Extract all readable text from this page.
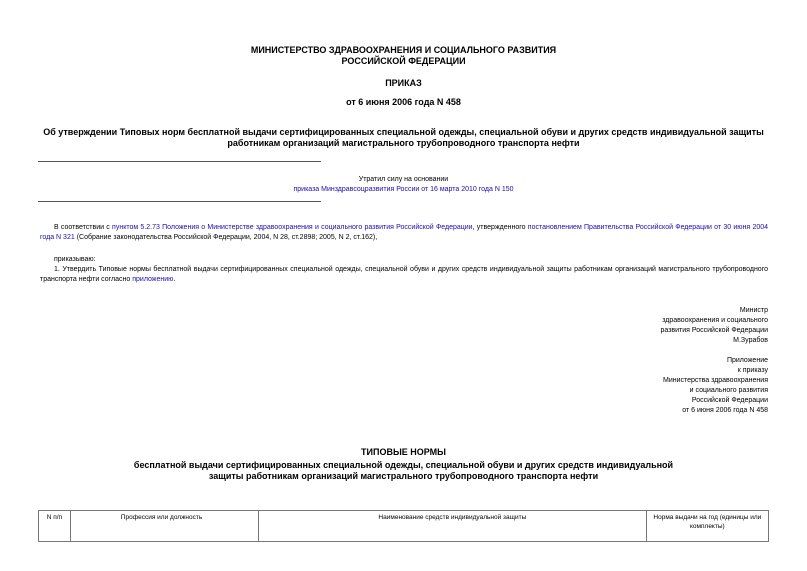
МИНИСТЕРСТВО ЗДРАВООХРАНЕНИЯ И СОЦИАЛЬНОГО РАЗВИТИЯ
РОССИЙСКОЙ ФЕДЕРАЦИИ
ПРИКАЗ
от 6 июня 2006 года N 458
Об утверждении Типовых норм бесплатной выдачи сертифицированных специальной одежды, специальной обуви и других средств индивидуальной защиты
работникам организаций магистрального трубопроводного транспорта нефти
Утратил силу на основании
приказа Минздравсоцразвития России от 16 марта 2010 года N 150
В соответствии с пунктом 5.2.73 Положения о Министерстве здравоохранения и социального развития Российской Федерации, утвержденного постановлением Правительства Российской Федерации от 30 июня 2004 года N 321 (Собрание законодательства Российской Федерации, 2004, N 28, ст.2898; 2005, N 2, ст.162),
приказываю:
1. Утвердить Типовые нормы бесплатной выдачи сертифицированных специальной одежды, специальной обуви и других средств индивидуальной защиты работникам организаций магистрального трубопроводного транспорта нефти согласно приложению.
Министр
здравоохранения и социального
развития Российской Федерации
М.Зурабов
Приложение
к приказу
Министерства здравоохранения
и социального развития
Российской Федерации
от 6 июня 2006 года N 458
ТИПОВЫЕ НОРМЫ
бесплатной выдачи сертифицированных специальной одежды, специальной обуви и других средств индивидуальной
защиты работникам организаций магистрального трубопроводного транспорта нефти
N п/п	Профессия или должность	Наименование средств индивидуальной защиты	Норма выдачи на год (единицы или комплекты)
